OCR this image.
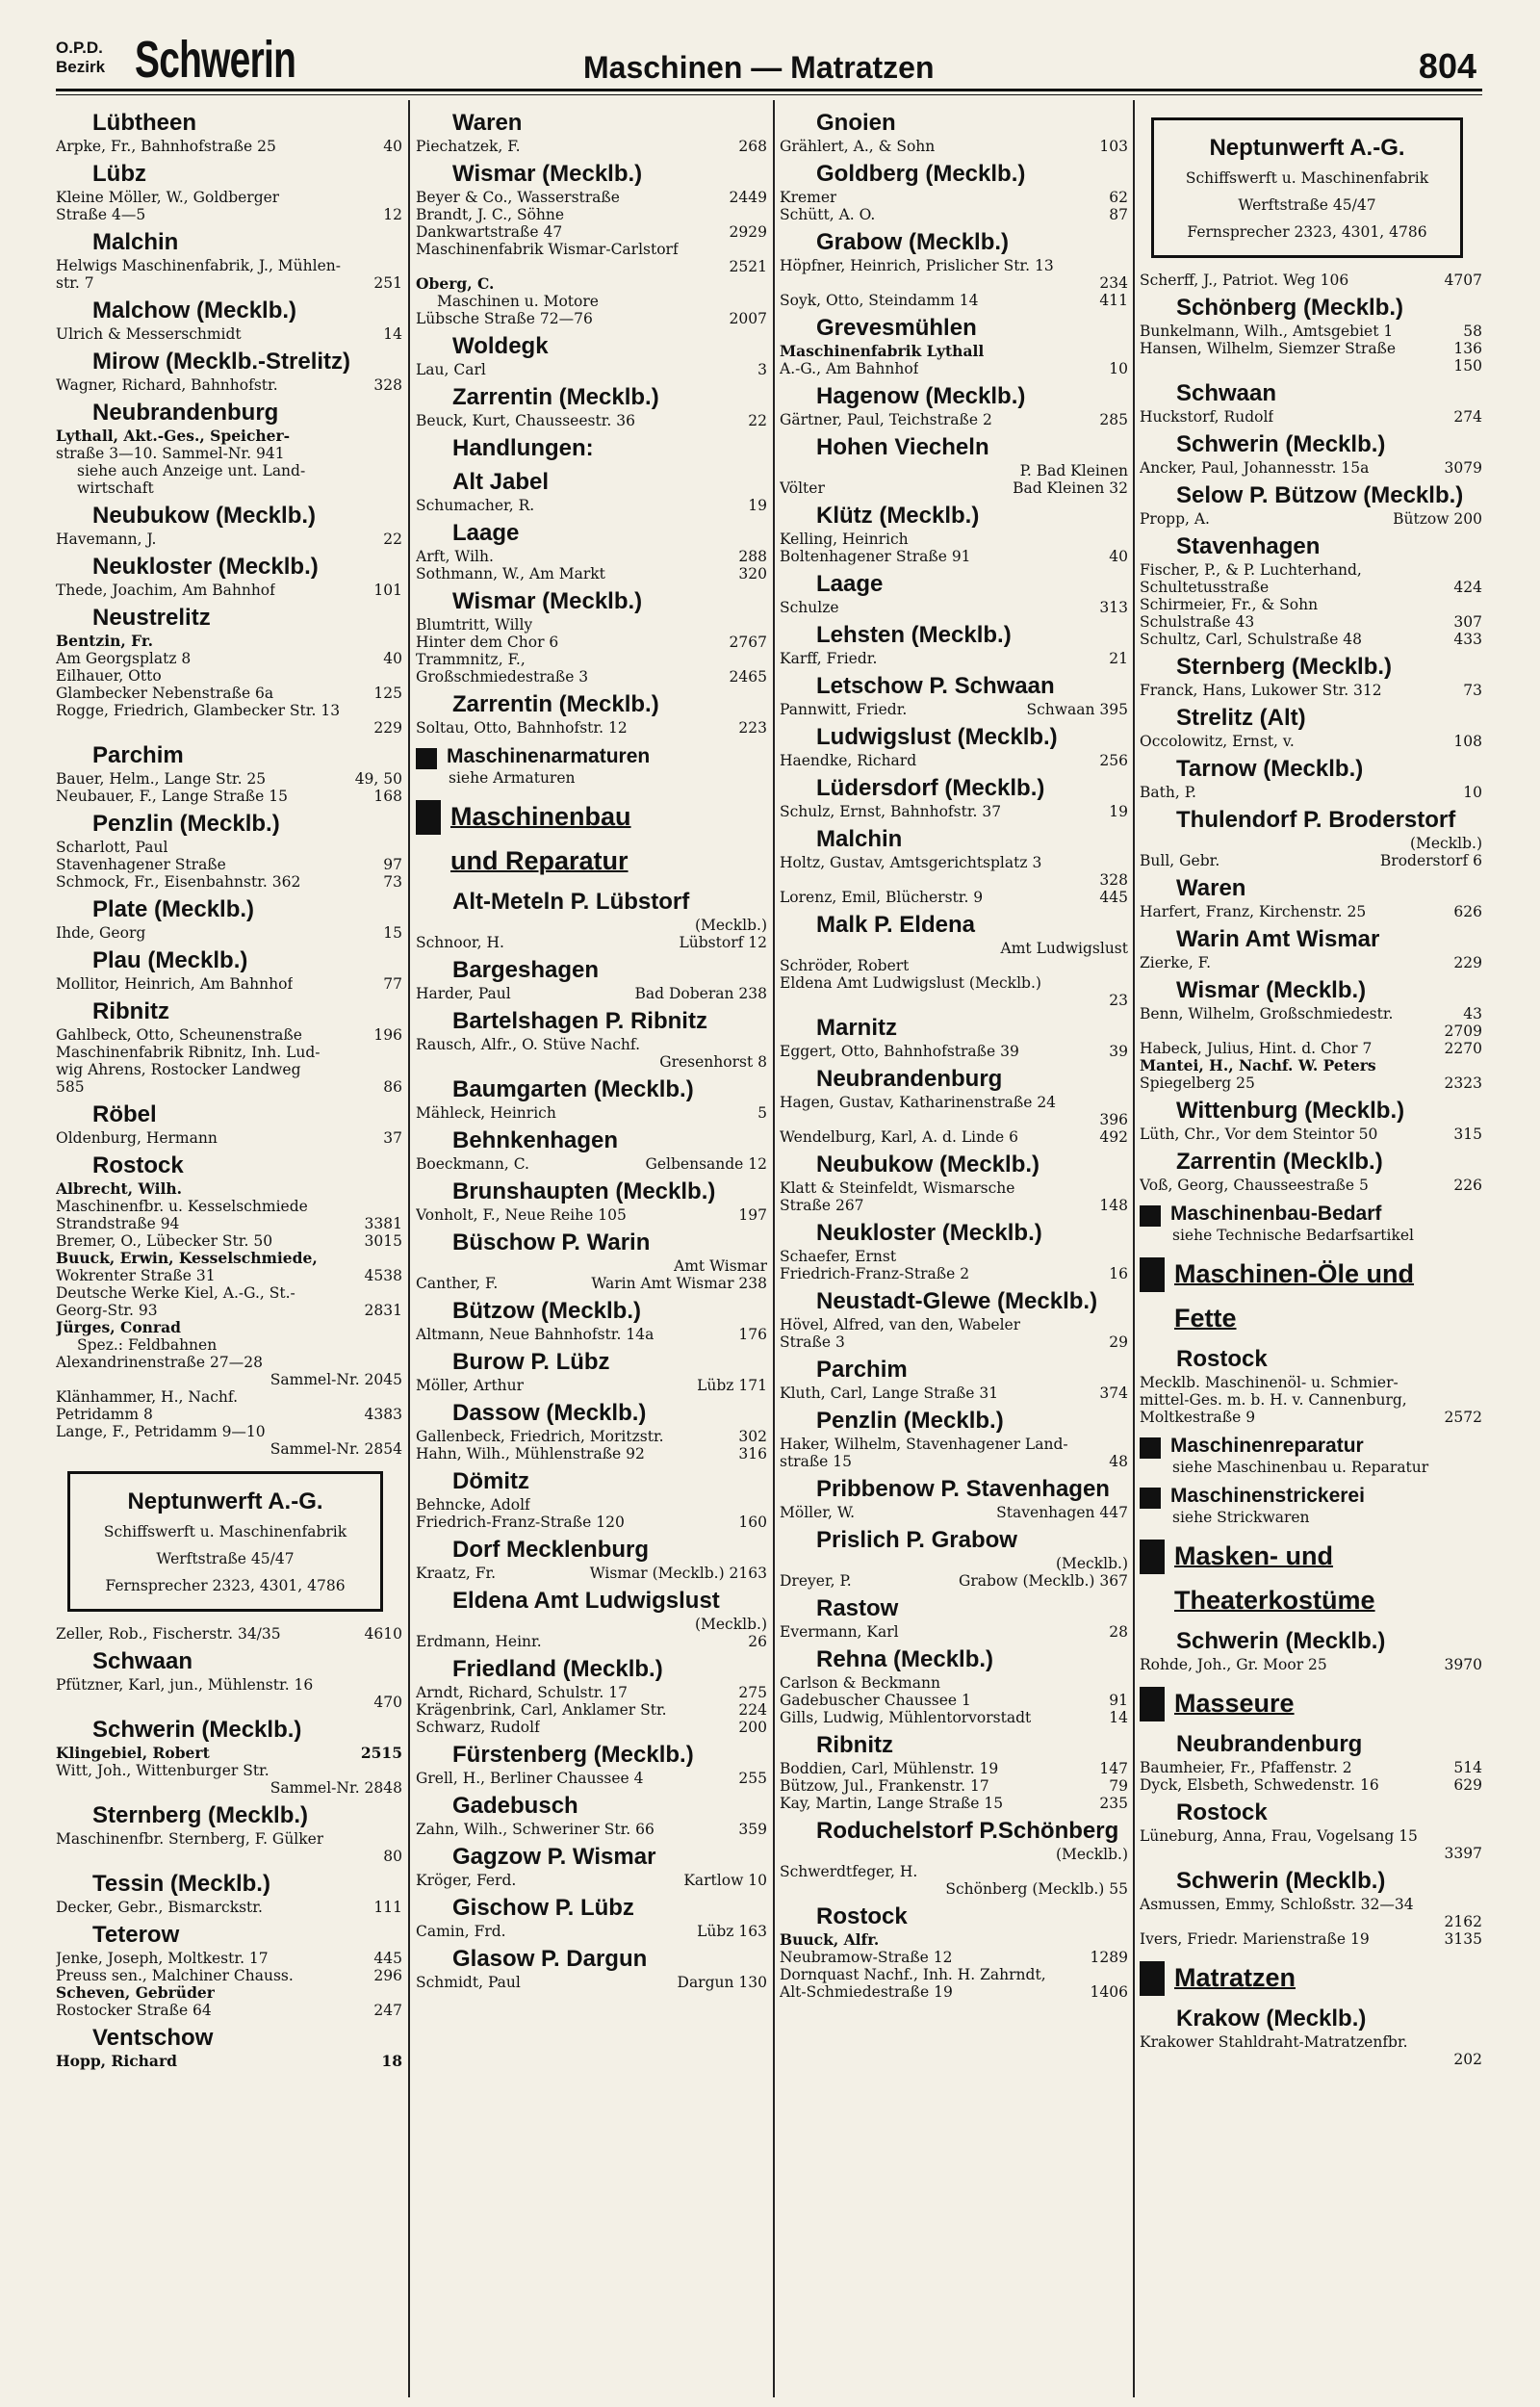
O.P.D.
Bezirk Schwerin	Maschinen — Matratzen	804
Lübtheen
Arpke, Fr., Bahnhofstraße 25	40
Lübz
Kleine Möller, W., Goldberger
Straße 4—5	12
Malchin
Helwigs Maschinenfabrik, J., Mühlen-
str. 7	251
Malchow (Mecklb.)
Ulrich & Messerschmidt	14
Mirow (Mecklb.-Strelitz)
Wagner, Richard, Bahnhofstr.	328
Neubrandenburg
Lythall, Akt.-Ges., Speicher-
straße 3—10. Sammel-Nr. 941
siehe auch Anzeige unt. Land-
wirtschaft
Neubukow (Mecklb.)
Havemann, J.	22
Neukloster (Mecklb.)
Thede, Joachim, Am Bahnhof	101
Neustrelitz
Bentzin, Fr.
Am Georgsplatz 8	40
Eilhauer, Otto
Glambecker Nebenstraße 6a	125
Rogge, Friedrich, Glambecker Str. 13
229
Parchim
Bauer, Helm., Lange Str. 25	49, 50
Neubauer, F., Lange Straße 15	168
Penzlin (Mecklb.)
Scharlott, Paul
Stavenhagener Straße	97
Schmock, Fr., Eisenbahnstr. 362	73
Plate (Mecklb.)
Ihde, Georg	15
Plau (Mecklb.)
Mollitor, Heinrich, Am Bahnhof	77
Ribnitz
Gahlbeck, Otto, Scheunenstraße	196
Maschinenfabrik Ribnitz, Inh. Lud-
wig Ahrens, Rostocker Landweg
585	86
Röbel
Oldenburg, Hermann	37
Rostock
Albrecht, Wilh.
Maschinenfbr. u. Kesselschmiede
Strandstraße 94	3381
Bremer, O., Lübecker Str. 50	3015
Buuck, Erwin, Kesselschmiede,
Wokrenter Straße 31	4538
Deutsche Werke Kiel, A.-G., St.-
Georg-Str. 93	2831
Jürges, Conrad
Spez.: Feldbahnen
Alexandrinenstraße 27—28
Sammel-Nr. 2045
Klänhammer, H., Nachf.
Petridamm 8	4383
Lange, F., Petridamm 9—10
Sammel-Nr. 2854
Neptunwerft A.-G.
Schiffswerft u. Maschinenfabrik
Werftstraße 45/47
Fernsprecher 2323, 4301, 4786
Zeller, Rob., Fischerstr. 34/35	4610
Schwaan
Pfützner, Karl, jun., Mühlenstr. 16
470
Schwerin (Mecklb.)
Klingebiel, Robert	2515
Witt, Joh., Wittenburger Str.
Sammel-Nr. 2848
Sternberg (Mecklb.)
Maschinenfbr. Sternberg, F. Gülker
80
Tessin (Mecklb.)
Decker, Gebr., Bismarckstr.	111
Teterow
Jenke, Joseph, Moltkestr. 17	445
Preuss sen., Malchiner Chauss.	296
Scheven, Gebrüder
Rostocker Straße 64	247
Ventschow
Hopp, Richard	18
Waren
Piechatzek, F.	268
Wismar (Mecklb.)
Beyer & Co., Wasserstraße	2449
Brandt, J. C., Söhne
Dankwartstraße 47	2929
Maschinenfabrik Wismar-Carlstorf
2521
Oberg, C.
Maschinen u. Motore
Lübsche Straße 72—76	2007
Woldegk
Lau, Carl	3
Zarrentin (Mecklb.)
Beuck, Kurt, Chausseestr. 36	22
Handlungen:
Alt Jabel
Schumacher, R.	19
Laage
Arft, Wilh.	288
Sothmann, W., Am Markt	320
Wismar (Mecklb.)
Blumtritt, Willy
Hinter dem Chor 6	2767
Trammnitz, F.,
Großschmiedestraße 3	2465
Zarrentin (Mecklb.)
Soltau, Otto, Bahnhofstr. 12	223
Maschinenarmaturen
siehe Armaturen
Maschinenbau
und Reparatur
Alt-Meteln P. Lübstorf
(Mecklb.)
Schnoor, H.	Lübstorf 12
Bargeshagen
Harder, Paul	Bad Doberan 238
Bartelshagen P. Ribnitz
Rausch, Alfr., O. Stüve Nachf.
Gresenhorst 8
Baumgarten (Mecklb.)
Mähleck, Heinrich	5
Behnkenhagen
Boeckmann, C.	Gelbensande 12
Brunshaupten (Mecklb.)
Vonholt, F., Neue Reihe 105	197
Büschow P. Warin
Amt Wismar
Canther, F.	Warin Amt Wismar 238
Bützow (Mecklb.)
Altmann, Neue Bahnhofstr. 14a	176
Burow P. Lübz
Möller, Arthur	Lübz 171
Dassow (Mecklb.)
Gallenbeck, Friedrich, Moritzstr.	302
Hahn, Wilh., Mühlenstraße 92	316
Dömitz
Behncke, Adolf
Friedrich-Franz-Straße 120	160
Dorf Mecklenburg
Kraatz, Fr.	Wismar (Mecklb.) 2163
Eldena Amt Ludwigslust
(Mecklb.)
Erdmann, Heinr.	26
Friedland (Mecklb.)
Arndt, Richard, Schulstr. 17	275
Krägenbrink, Carl, Anklamer Str.	224
Schwarz, Rudolf	200
Fürstenberg (Mecklb.)
Grell, H., Berliner Chaussee 4	255
Gadebusch
Zahn, Wilh., Schweriner Str. 66	359
Gagzow P. Wismar
Kröger, Ferd.	Kartlow 10
Gischow P. Lübz
Camin, Frd.	Lübz 163
Glasow P. Dargun
Schmidt, Paul	Dargun 130
Gnoien
Grählert, A., & Sohn	103
Goldberg (Mecklb.)
Kremer	62
Schütt, A. O.	87
Grabow (Mecklb.)
Höpfner, Heinrich, Prislicher Str. 13
234
Soyk, Otto, Steindamm 14	411
Grevesmühlen
Maschinenfabrik Lythall
A.-G., Am Bahnhof	10
Hagenow (Mecklb.)
Gärtner, Paul, Teichstraße 2	285
Hohen Viecheln
P. Bad Kleinen
Völter	Bad Kleinen 32
Klütz (Mecklb.)
Kelling, Heinrich
Boltenhagener Straße 91	40
Laage
Schulze	313
Lehsten (Mecklb.)
Karff, Friedr.	21
Letschow P. Schwaan
Pannwitt, Friedr.	Schwaan 395
Ludwigslust (Mecklb.)
Haendke, Richard	256
Lüdersdorf (Mecklb.)
Schulz, Ernst, Bahnhofstr. 37	19
Malchin
Holtz, Gustav, Amtsgerichtsplatz 3
328
Lorenz, Emil, Blücherstr. 9	445
Malk P. Eldena
Amt Ludwigslust
Schröder, Robert
Eldena Amt Ludwigslust (Mecklb.)
23
Marnitz
Eggert, Otto, Bahnhofstraße 39	39
Neubrandenburg
Hagen, Gustav, Katharinenstraße 24
396
Wendelburg, Karl, A. d. Linde 6	492
Neubukow (Mecklb.)
Klatt & Steinfeldt, Wismarsche
Straße 267	148
Neukloster (Mecklb.)
Schaefer, Ernst
Friedrich-Franz-Straße 2	16
Neustadt-Glewe (Mecklb.)
Hövel, Alfred, van den, Wabeler
Straße 3	29
Parchim
Kluth, Carl, Lange Straße 31	374
Penzlin (Mecklb.)
Haker, Wilhelm, Stavenhagener Land-
straße 15	48
Pribbenow P. Stavenhagen
Möller, W.	Stavenhagen 447
Prislich P. Grabow
(Mecklb.)
Dreyer, P.	Grabow (Mecklb.) 367
Rastow
Evermann, Karl	28
Rehna (Mecklb.)
Carlson & Beckmann
Gadebuscher Chaussee 1	91
Gills, Ludwig, Mühlentorvorstadt	14
Ribnitz
Boddien, Carl, Mühlenstr. 19	147
Bützow, Jul., Frankenstr. 17	79
Kay, Martin, Lange Straße 15	235
Roduchelstorf P.Schönberg
(Mecklb.)
Schwerdtfeger, H.
Schönberg (Mecklb.) 55
Rostock
Buuck, Alfr.
Neubramow-Straße 12	1289
Dornquast Nachf., Inh. H. Zahrndt,
Alt-Schmiedestraße 19	1406
Neptunwerft A.-G.
Schiffswerft u. Maschinenfabrik
Werftstraße 45/47
Fernsprecher 2323, 4301, 4786
Scherff, J., Patriot. Weg 106	4707
Schönberg (Mecklb.)
Bunkelmann, Wilh., Amtsgebiet 1	58
Hansen, Wilhelm, Siemzer Straße	136
150
Schwaan
Huckstorf, Rudolf	274
Schwerin (Mecklb.)
Ancker, Paul, Johannesstr. 15a	3079
Selow P. Bützow (Mecklb.)
Propp, A.	Bützow 200
Stavenhagen
Fischer, P., & P. Luchterhand,
Schultetusstraße	424
Schirmeier, Fr., & Sohn
Schulstraße 43	307
Schultz, Carl, Schulstraße 48	433
Sternberg (Mecklb.)
Franck, Hans, Lukower Str. 312	73
Strelitz (Alt)
Occolowitz, Ernst, v.	108
Tarnow (Mecklb.)
Bath, P.	10
Thulendorf P. Broderstorf
(Mecklb.)
Bull, Gebr.	Broderstorf 6
Waren
Harfert, Franz, Kirchenstr. 25	626
Warin Amt Wismar
Zierke, F.	229
Wismar (Mecklb.)
Benn, Wilhelm, Großschmiedestr.	43
2709
Habeck, Julius, Hint. d. Chor 7	2270
Mantei, H., Nachf. W. Peters
Spiegelberg 25	2323
Wittenburg (Mecklb.)
Lüth, Chr., Vor dem Steintor 50	315
Zarrentin (Mecklb.)
Voß, Georg, Chausseestraße 5	226
Maschinenbau-Bedarf
siehe Technische Bedarfsartikel
Maschinen-Öle und
Fette
Rostock
Mecklb. Maschinenöl- u. Schmier-
mittel-Ges. m. b. H. v. Cannenburg,
Moltkestraße 9	2572
Maschinenreparatur
siehe Maschinenbau u. Reparatur
Maschinenstrickerei
siehe Strickwaren
Masken- und
Theaterkostüme
Schwerin (Mecklb.)
Rohde, Joh., Gr. Moor 25	3970
Masseure
Neubrandenburg
Baumheier, Fr., Pfaffenstr. 2	514
Dyck, Elsbeth, Schwedenstr. 16	629
Rostock
Lüneburg, Anna, Frau, Vogelsang 15
3397
Schwerin (Mecklb.)
Asmussen, Emmy, Schloßstr. 32—34
2162
Ivers, Friedr. Marienstraße 19	3135
Matratzen
Krakow (Mecklb.)
Krakower Stahldraht-Matratzenfbr.
202
